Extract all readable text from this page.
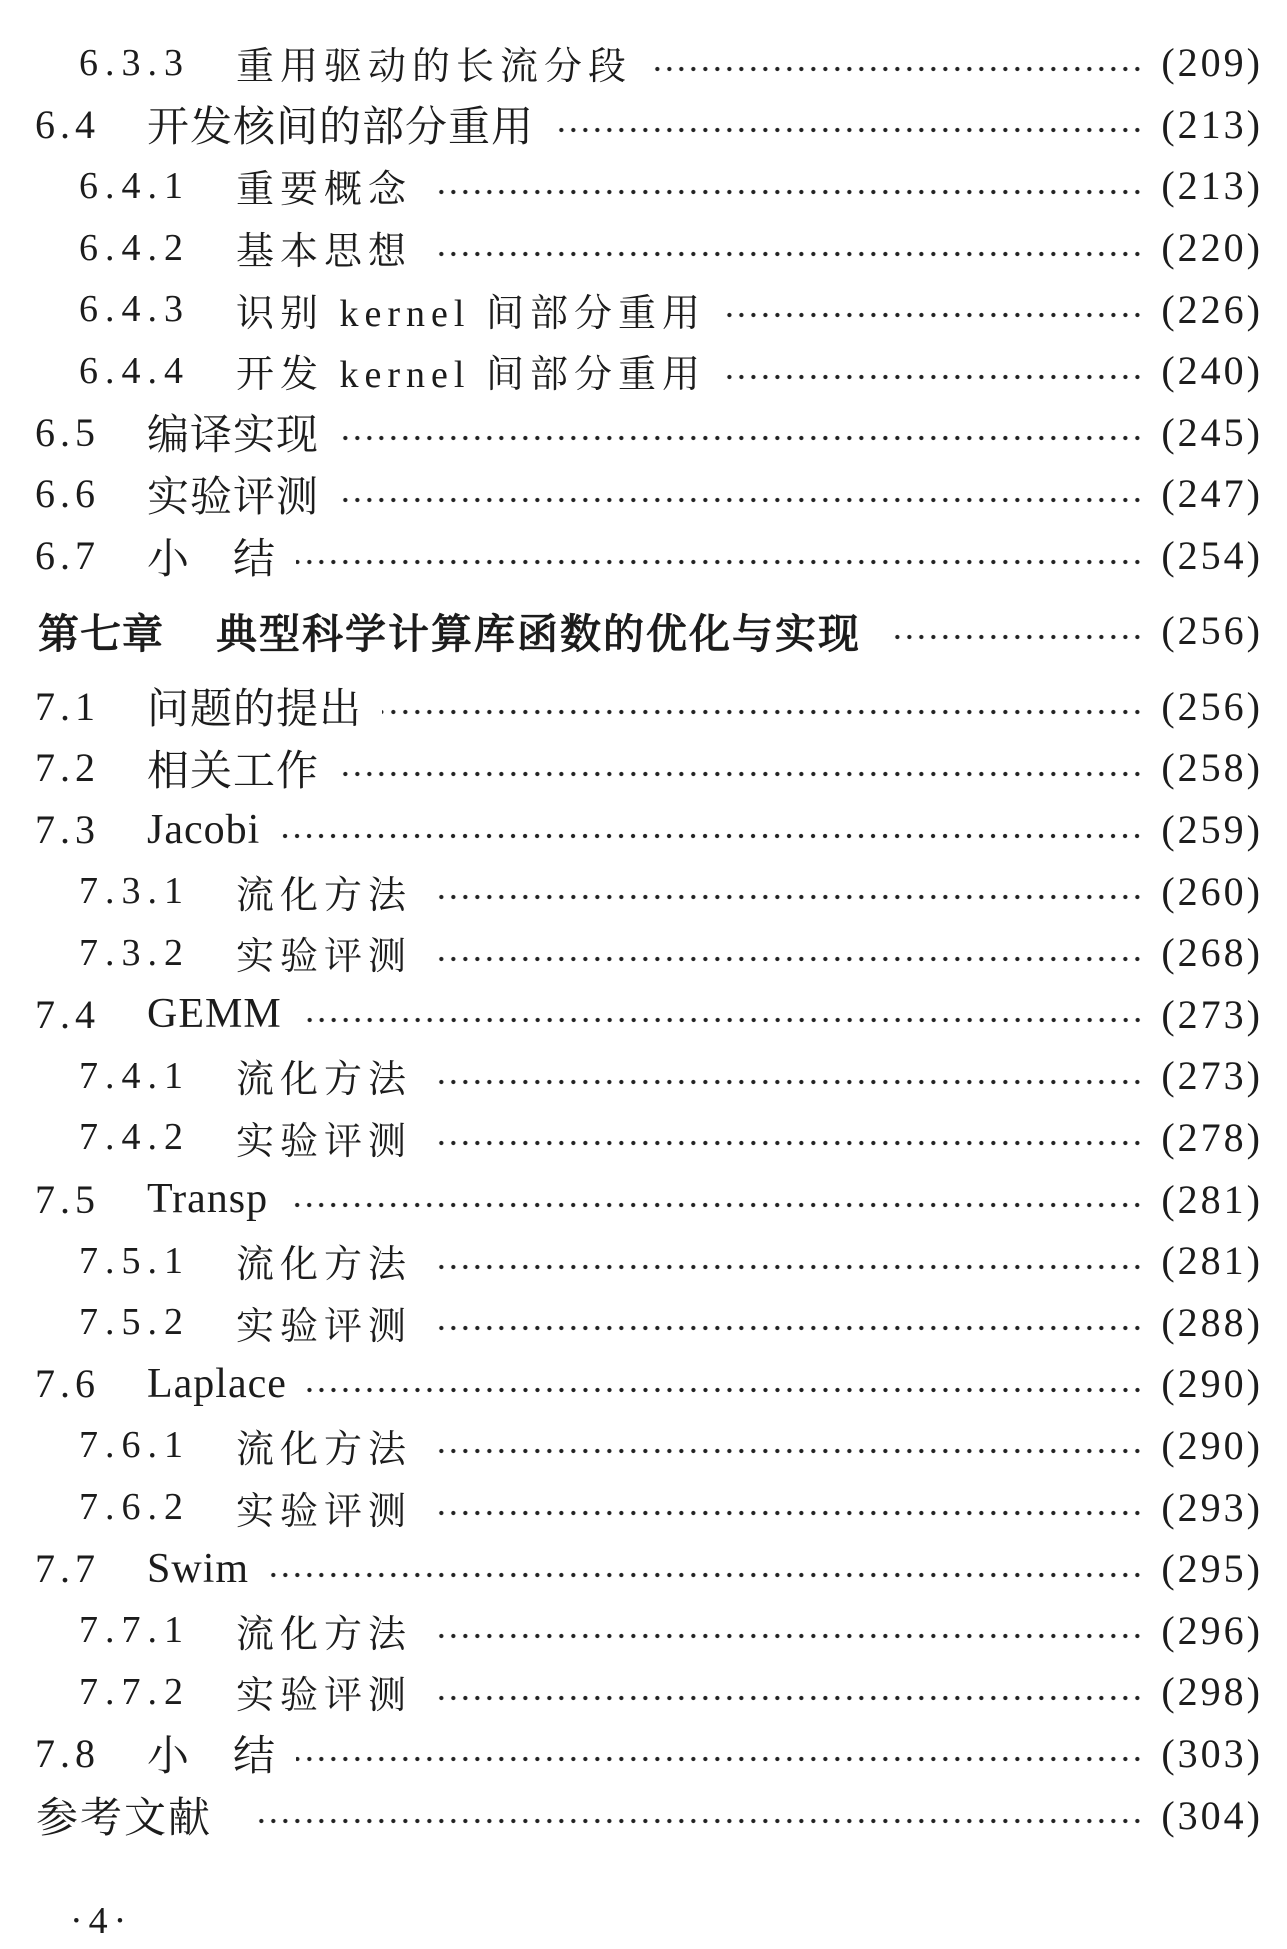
6.3.3	重用驱动的长流分段	(209)
6.4	开发核间的部分重用	(213)
6.4.1	重要概念	(213)
6.4.2	基本思想	(220)
6.4.3	识别 kernel 间部分重用	(226)
6.4.4	开发 kernel 间部分重用	(240)
6.5	编译实现	(245)
6.6	实验评测	(247)
6.7	小　结	(254)
第七章	典型科学计算库函数的优化与实现	(256)
7.1	问题的提出	(256)
7.2	相关工作	(258)
7.3	Jacobi	(259)
7.3.1	流化方法	(260)
7.3.2	实验评测	(268)
7.4	GEMM	(273)
7.4.1	流化方法	(273)
7.4.2	实验评测	(278)
7.5	Transp	(281)
7.5.1	流化方法	(281)
7.5.2	实验评测	(288)
7.6	Laplace	(290)
7.6.1	流化方法	(290)
7.6.2	实验评测	(293)
7.7	Swim	(295)
7.7.1	流化方法	(296)
7.7.2	实验评测	(298)
7.8	小　结	(303)
参考文献	(304)
·4·
